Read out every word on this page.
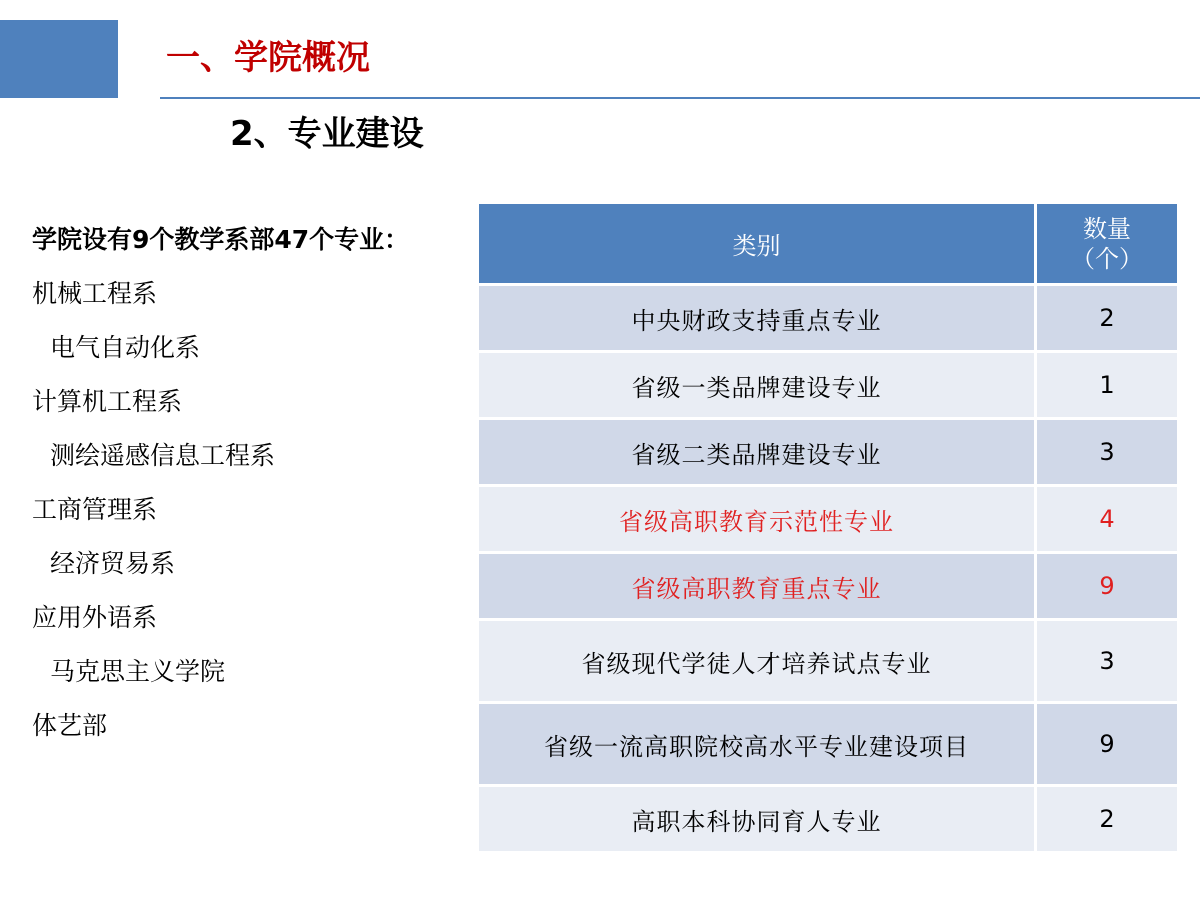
一、学院概况
2、专业建设
学院设有9个教学系部47个专业：
机械工程系
电气自动化系
计算机工程系
测绘遥感信息工程系
工商管理系
经济贸易系
应用外语系
马克思主义学院
体艺部
类别	数量
（个）

中央财政支持重点专业	2
省级一类品牌建设专业	1
省级二类品牌建设专业	3
省级高职教育示范性专业	4
省级高职教育重点专业	9
省级现代学徒人才培养试点专业	3
省级一流高职院校高水平专业建设项目	9
高职本科协同育人专业	2
